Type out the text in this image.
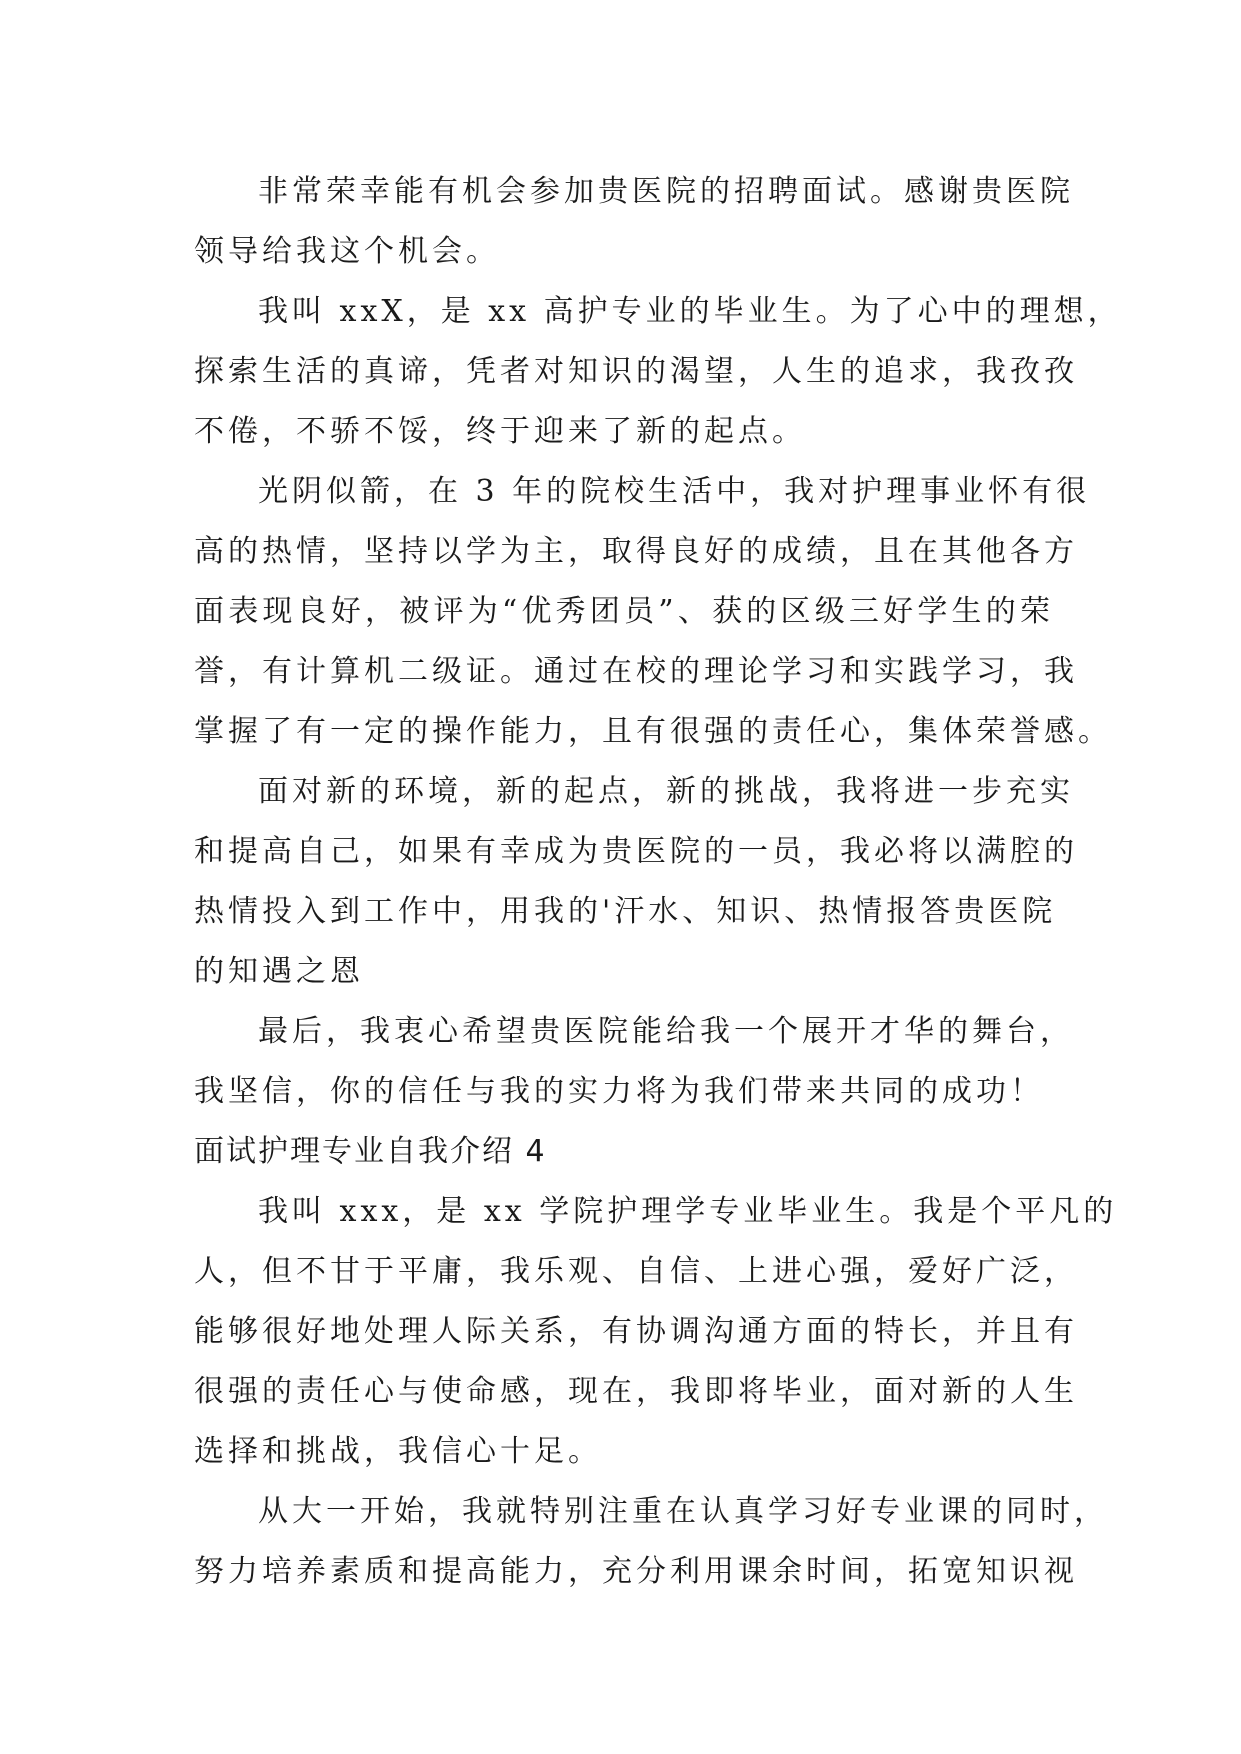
非常荣幸能有机会参加贵医院的招聘面试。感谢贵医院
领导给我这个机会。
我叫 xxX，是 xx 高护专业的毕业生。为了心中的理想，
探索生活的真谛，凭者对知识的渴望，人生的追求，我孜孜
不倦，不骄不馁，终于迎来了新的起点。
光阴似箭，在 3 年的院校生活中，我对护理事业怀有很
高的热情，坚持以学为主，取得良好的成绩，且在其他各方
面表现良好，被评为“优秀团员”、获的区级三好学生的荣
誉，有计算机二级证。通过在校的理论学习和实践学习，我
掌握了有一定的操作能力，且有很强的责任心，集体荣誉感。
面对新的环境，新的起点，新的挑战，我将进一步充实
和提高自己，如果有幸成为贵医院的一员，我必将以满腔的
热情投入到工作中，用我的'汗水、知识、热情报答贵医院
的知遇之恩
最后，我衷心希望贵医院能给我一个展开才华的舞台，
我坚信，你的信任与我的实力将为我们带来共同的成功！
面试护理专业自我介绍 4
我叫 xxx，是 xx 学院护理学专业毕业生。我是个平凡的
人，但不甘于平庸，我乐观、自信、上进心强，爱好广泛，
能够很好地处理人际关系，有协调沟通方面的特长，并且有
很强的责任心与使命感，现在，我即将毕业，面对新的人生
选择和挑战，我信心十足。
从大一开始，我就特别注重在认真学习好专业课的同时，
努力培养素质和提高能力，充分利用课余时间，拓宽知识视
